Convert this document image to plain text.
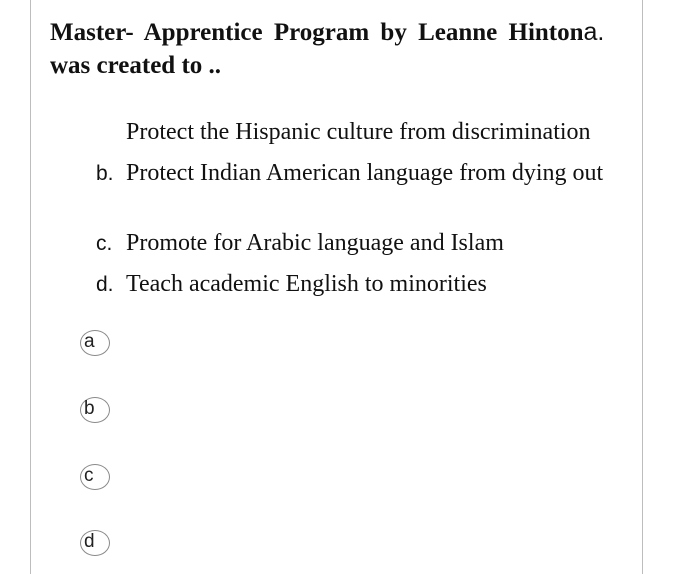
Master- Apprentice Program by Leanne Hintona.
was created to ..
Protect the Hispanic culture from discrimination
b. Protect Indian American language from dying out
c. Promote for Arabic language and Islam
d. Teach academic English to minorities
a
b
c
d
